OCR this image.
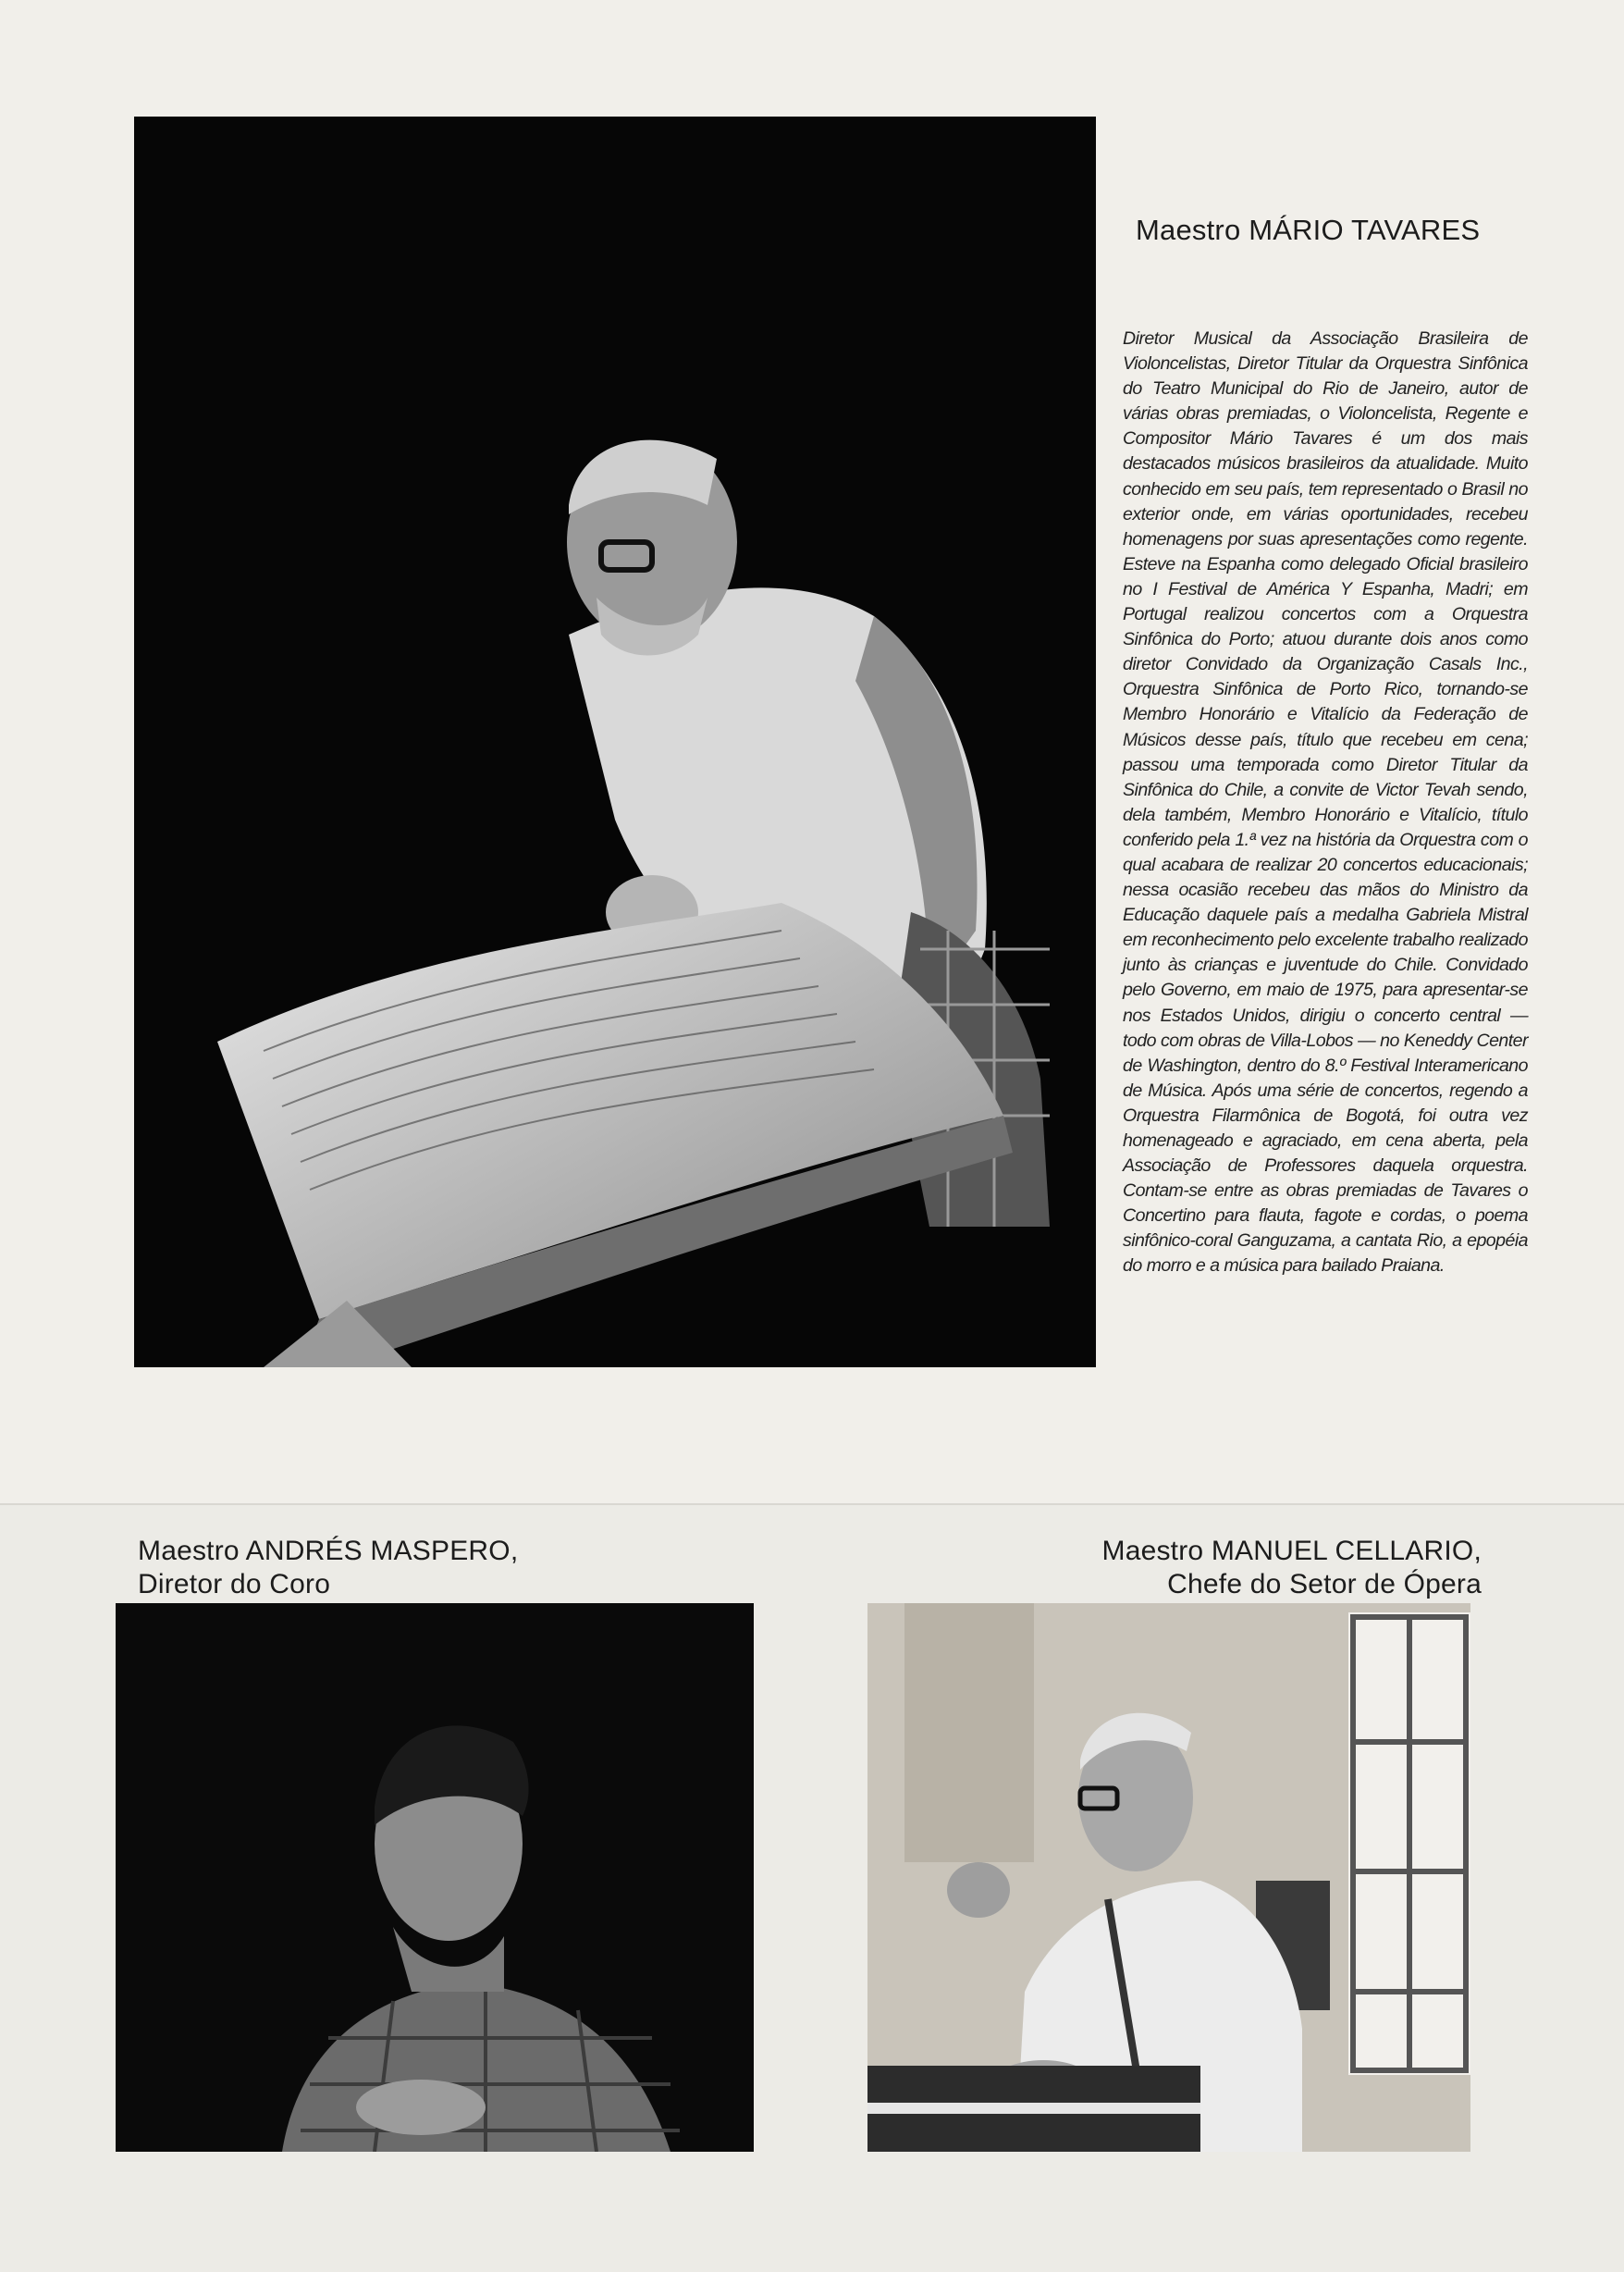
Maestro MÁRIO TAVARES

Diretor Musical da Associação Brasileira de Violoncelistas, Diretor Titular da Orquestra Sinfônica do Teatro Municipal do Rio de Janeiro, autor de várias obras premiadas, o Violoncelista, Regente e Compositor Mário Tavares é um dos mais destacados músicos brasileiros da atualidade. Muito conhecido em seu país, tem representado o Brasil no exterior onde, em várias oportunidades, recebeu homenagens por suas apresentações como regente. Esteve na Espanha como delegado Oficial brasileiro no I Festival de América Y Espanha, Madri; em Portugal realizou concertos com a Orquestra Sinfônica do Porto; atuou durante dois anos como diretor Convidado da Organização Casals Inc., Orquestra Sinfônica de Porto Rico, tornando-se Membro Honorário e Vitalício da Federação de Músicos desse país, título que recebeu em cena; passou uma temporada como Diretor Titular da Sinfônica do Chile, a convite de Victor Tevah sendo, dela também, Membro Honorário e Vitalício, título conferido pela 1.ª vez na história da Orquestra com o qual acabara de realizar 20 concertos educacionais; nessa ocasião recebeu das mãos do Ministro da Educação daquele país a medalha Gabriela Mistral em reconhecimento pelo excelente trabalho realizado junto às crianças e juventude do Chile. Convidado pelo Governo, em maio de 1975, para apresentar-se nos Estados Unidos, dirigiu o concerto central — todo com obras de Villa-Lobos — no Keneddy Center de Washington, dentro do 8.º Festival Interamericano de Música. Após uma série de concertos, regendo a Orquestra Filarmônica de Bogotá, foi outra vez homenageado e agraciado, em cena aberta, pela Associação de Professores daquela orquestra. Contam-se entre as obras premiadas de Tavares o Concertino para flauta, fagote e cordas, o poema sinfônico-coral Ganguzama, a cantata Rio, a epopéia do morro e a música para bailado Praiana.

Maestro ANDRÉS MASPERO,
Diretor do Coro
Maestro MANUEL CELLARIO,
Chefe do Setor de Ópera
